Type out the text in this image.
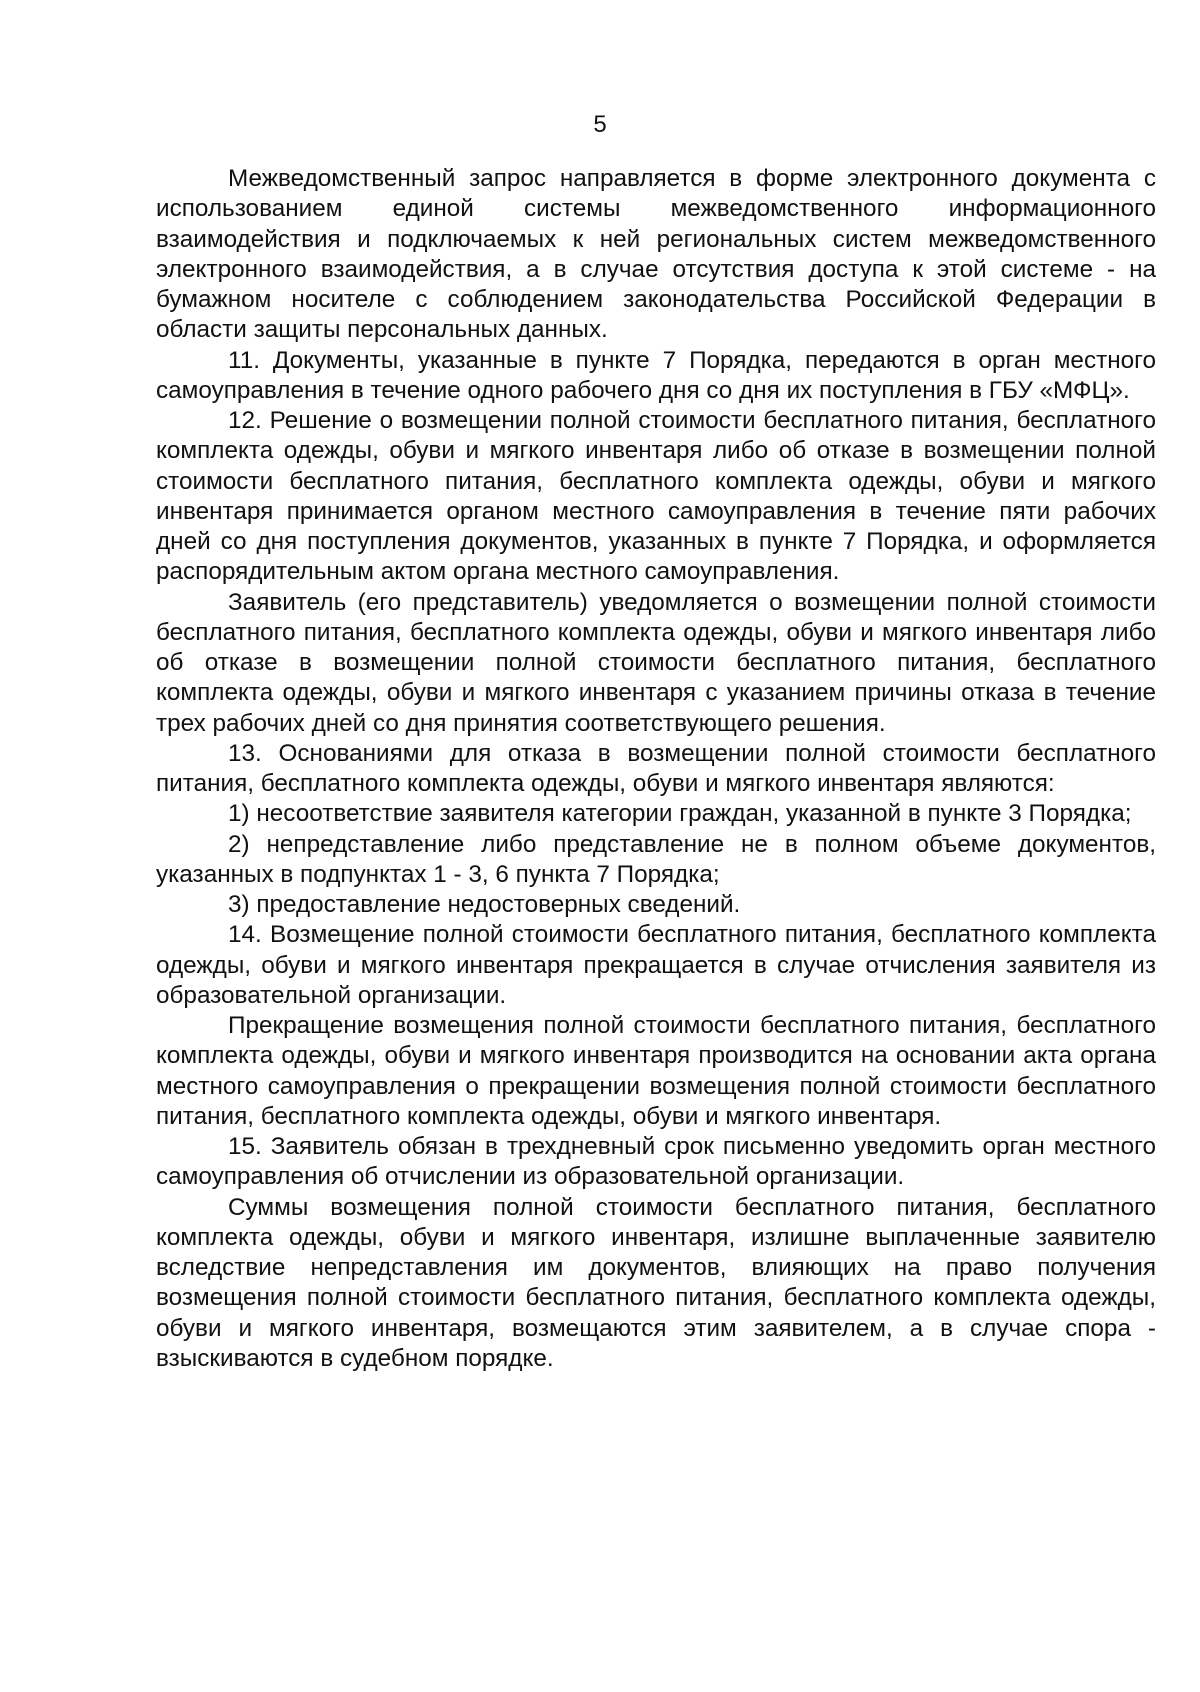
5

Межведомственный запрос направляется в форме электронного документа с использованием единой системы межведомственного информационного взаимодействия и подключаемых к ней региональных систем межведомственного электронного взаимодействия, а в случае отсутствия доступа к этой системе - на бумажном носителе с соблюдением законодательства Российской Федерации в области защиты персональных данных.

11. Документы, указанные в пункте 7 Порядка, передаются в орган местного самоуправления в течение одного рабочего дня со дня их поступления в ГБУ «МФЦ».

12. Решение о возмещении полной стоимости бесплатного питания, бесплатного комплекта одежды, обуви и мягкого инвентаря либо об отказе в возмещении полной стоимости бесплатного питания, бесплатного комплекта одежды, обуви и мягкого инвентаря принимается органом местного самоуправления в течение пяти рабочих дней со дня поступления документов, указанных в пункте 7 Порядка, и оформляется распорядительным актом органа местного самоуправления.

Заявитель (его представитель) уведомляется о возмещении полной стоимости бесплатного питания, бесплатного комплекта одежды, обуви и мягкого инвентаря либо об отказе в возмещении полной стоимости бесплатного питания, бесплатного комплекта одежды, обуви и мягкого инвентаря с указанием причины отказа в течение трех рабочих дней со дня принятия соответствующего решения.

13. Основаниями для отказа в возмещении полной стоимости бесплатного питания, бесплатного комплекта одежды, обуви и мягкого инвентаря являются:

1) несоответствие заявителя категории граждан, указанной в пункте 3 Порядка;

2) непредставление либо представление не в полном объеме документов, указанных в подпунктах 1 - 3, 6 пункта 7 Порядка;

3) предоставление недостоверных сведений.

14. Возмещение полной стоимости бесплатного питания, бесплатного комплекта одежды, обуви и мягкого инвентаря прекращается в случае отчисления заявителя из образовательной организации.

Прекращение возмещения полной стоимости бесплатного питания, бесплатного комплекта одежды, обуви и мягкого инвентаря производится на основании акта органа местного самоуправления о прекращении возмещения полной стоимости бесплатного питания, бесплатного комплекта одежды, обуви и мягкого инвентаря.

15. Заявитель обязан в трехдневный срок письменно уведомить орган местного самоуправления об отчислении из образовательной организации.

Суммы возмещения полной стоимости бесплатного питания, бесплатного комплекта одежды, обуви и мягкого инвентаря, излишне выплаченные заявителю вследствие непредставления им документов, влияющих на право получения возмещения полной стоимости бесплатного питания, бесплатного комплекта одежды, обуви и мягкого инвентаря, возмещаются этим заявителем, а в случае спора - взыскиваются в судебном порядке.
